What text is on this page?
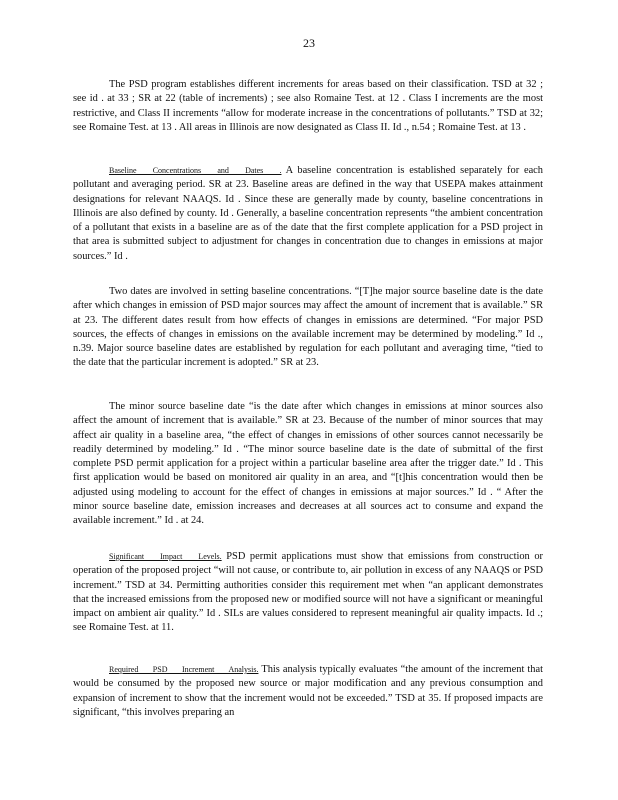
23

The PSD program establishes different increments for areas based on their classification. TSD at 32 ; see id . at 33 ; SR at 22 (table of increments) ; see also Romaine Test. at 12 . Class I increments are the most restrictive, and Class II increments “allow for moderate increase in the concentrations of pollutants.” TSD at 32; see Romaine Test. at 13 . All areas in Illinois are now designated as Class II. Id ., n.54 ; Romaine Test. at 13 .

Baseline Concentrations and Dates . A baseline concentration is established separately for each pollutant and averaging period. SR at 23. Baseline areas are defined in the way that USEPA makes attainment designations for relevant NAAQS. Id . Since these are generally made by county, baseline concentrations in Illinois are also defined by county. Id . Generally, a baseline concentration represents “the ambient concentration of a pollutant that exists in a baseline are as of the date that the first complete application for a PSD project in that area is submitted subject to adjustment for changes in concentration due to changes in emissions at major sources.” Id .

Two dates are involved in setting baseline concentrations. “[T]he major source baseline date is the date after which changes in emission of PSD major sources may affect the amount of increment that is available.” SR at 23. The different dates result from how effects of changes in emissions are determined. “For major PSD sources, the effects of changes in emissions on the available increment may be determined by modeling.” Id ., n.39. Major source baseline dates are established by regulation for each pollutant and averaging time, “tied to the date that the particular increment is adopted.” SR at 23.

The minor source baseline date “is the date after which changes in emissions at minor sources also affect the amount of increment that is available.” SR at 23. Because of the number of minor sources that may affect air quality in a baseline area, “the effect of changes in emissions of other sources cannot necessarily be readily determined by modeling.” Id . “The minor source baseline date is the date of submittal of the first complete PSD permit application for a project within a particular baseline area after the trigger date.” Id . This first application would be based on monitored air quality in an area, and “[t]his concentration would then be adjusted using modeling to account for the effect of changes in emissions at major sources.” Id . “ After the minor source baseline date, emission increases and decreases at all sources act to consume and expand the available increment.” Id . at 24.

Significant Impact Levels. PSD permit applications must show that emissions from construction or operation of the proposed project “will not cause, or contribute to, air pollution in excess of any NAAQS or PSD increment.” TSD at 34. Permitting authorities consider this requirement met when “an applicant demonstrates that the increased emissions from the proposed new or modified source will not have a significant or meaningful impact on ambient air quality.” Id . SILs are values considered to represent meaningful air quality impacts. Id .; see Romaine Test. at 11.

Required PSD Increment Analysis. This analysis typically evaluates “the amount of the increment that would be consumed by the proposed new source or major modification and any previous consumption and expansion of increment to show that the increment would not be exceeded.” TSD at 35. If proposed impacts are significant, “this involves preparing an
